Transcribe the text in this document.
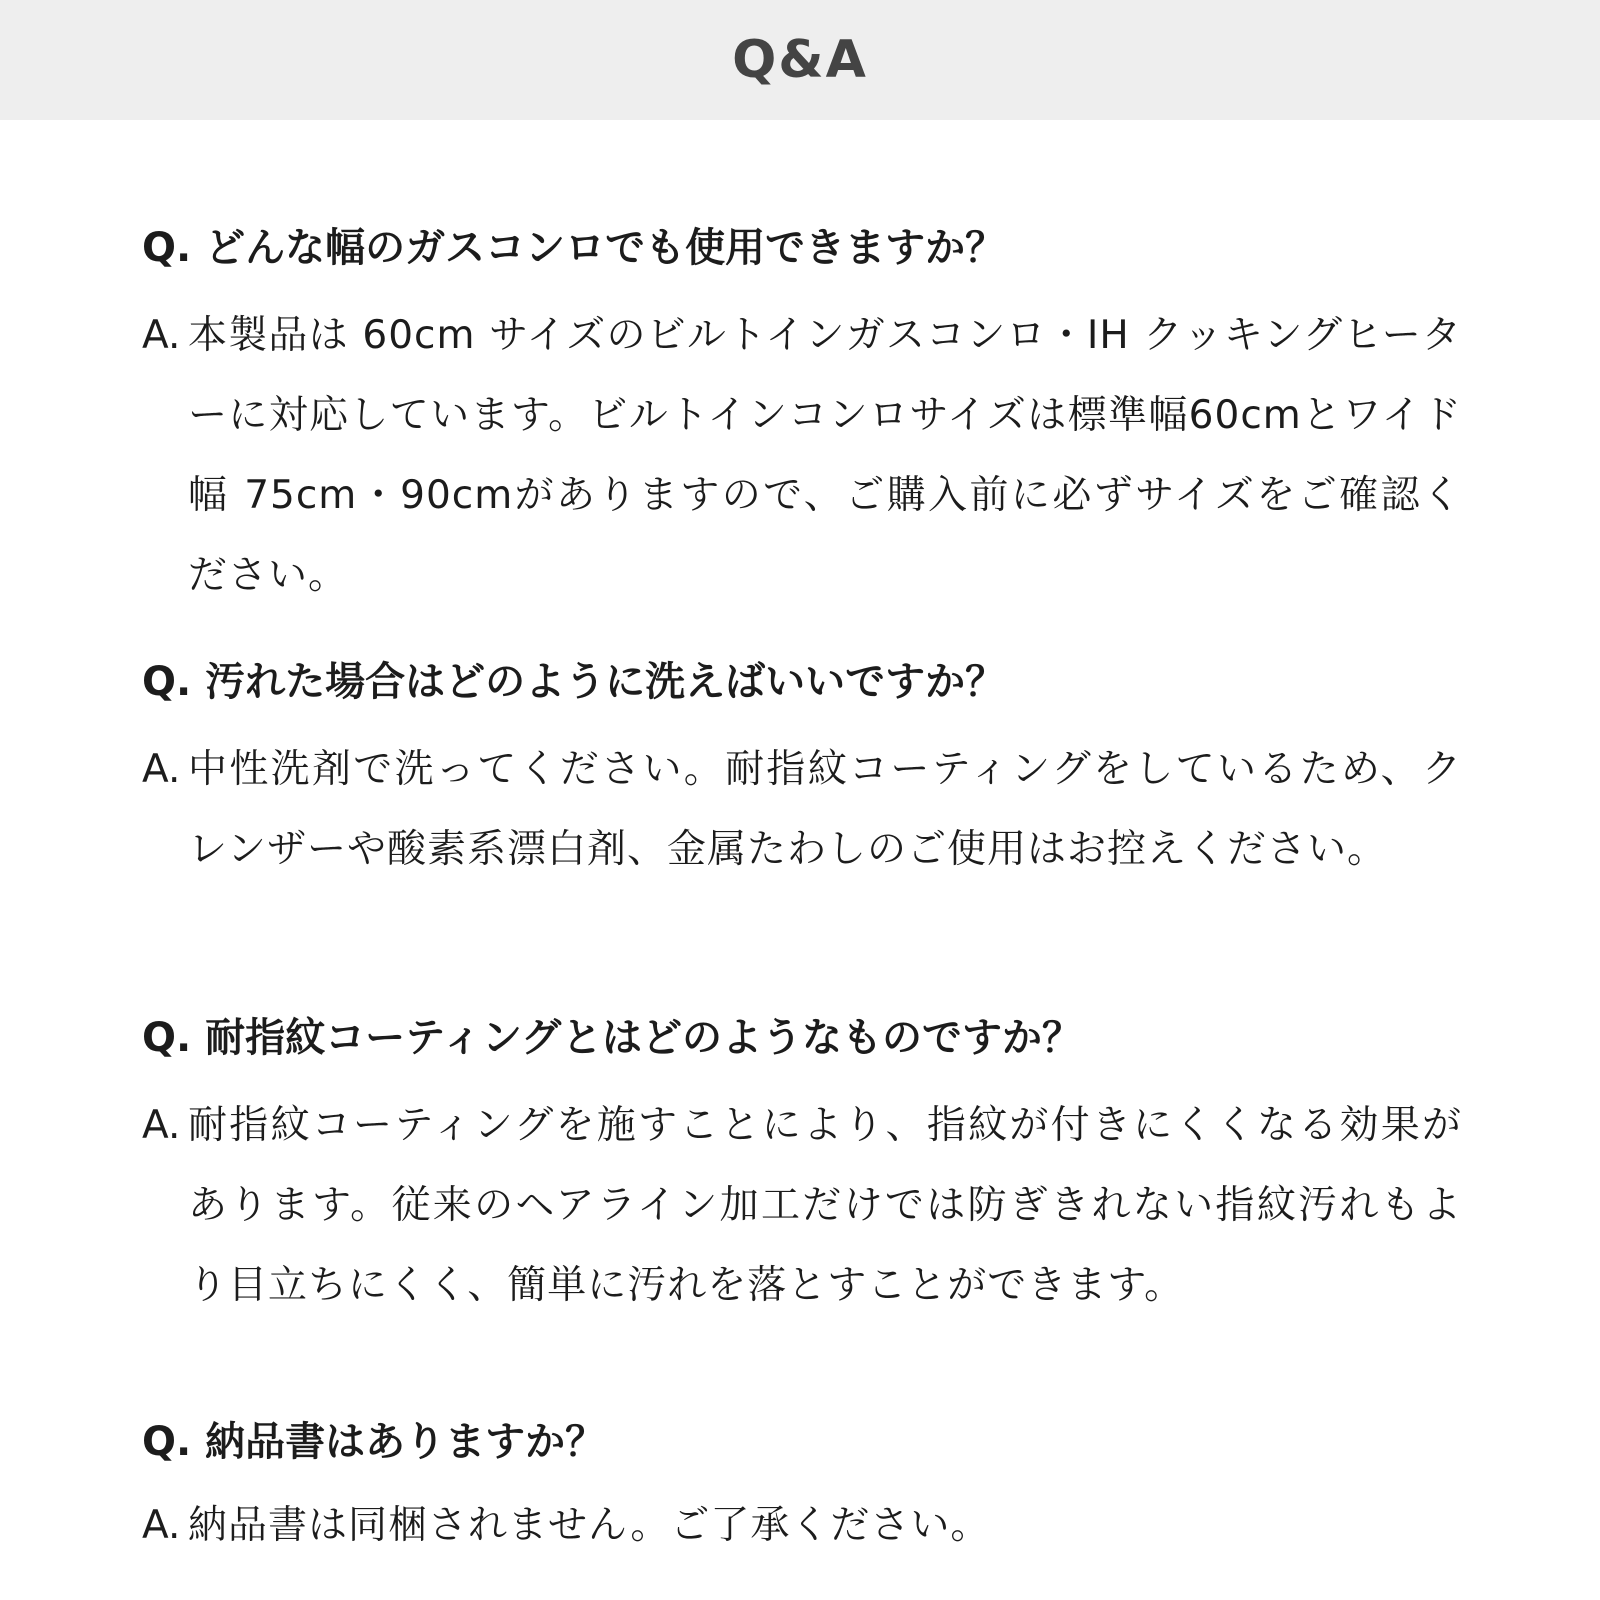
Q&A
Q. どんな幅のガスコンロでも使用できますか？
A. 本製品は 60cm サイズのビルトインガスコンロ・IH クッキングヒーターに対応しています。ビルトインコンロサイズは標準幅60cmとワイド幅 75cm・90cmがありますので、ご購入前に必ずサイズをご確認ください。
Q. 汚れた場合はどのように洗えばいいですか？
A. 中性洗剤で洗ってください。耐指紋コーティングをしているため、クレンザーや酸素系漂白剤、金属たわしのご使用はお控えください。
Q. 耐指紋コーティングとはどのようなものですか？
A. 耐指紋コーティングを施すことにより、指紋が付きにくくなる効果があります。従来のヘアライン加工だけでは防ぎきれない指紋汚れもより目立ちにくく、簡単に汚れを落とすことができます。
Q. 納品書はありますか？
A. 納品書は同梱されません。ご了承ください。
